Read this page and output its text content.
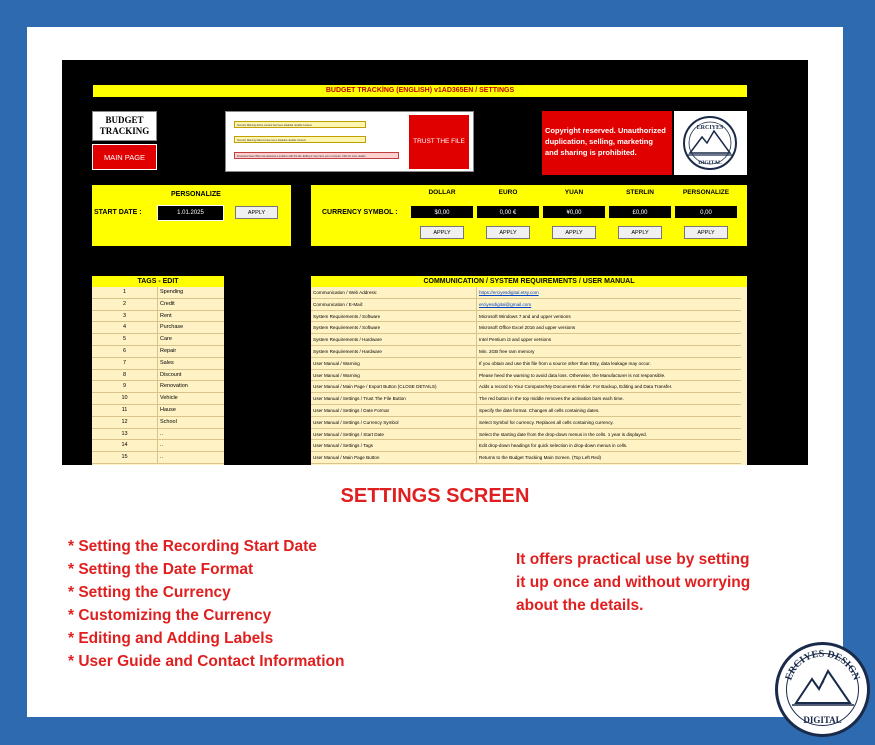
BUDGET TRACKİNG (ENGLISH) v1AD365EN / SETTINGS
BUDGET
TRACKING
MAIN PAGE
Security Warning Active content has been disabled. Enable Content
Security Warning Macros have been disabled. Enable Content
Protected View Office has detected a problem with this file. Editing it may harm your computer. Click for more details.
TRUST THE FILE
Copyright reserved. Unauthorized duplication, selling, marketing and sharing is prohibited.
ERCIYES
DIGITAL
PERSONALIZE
START DATE :	1.01.2025	APPLY	CURRENCY SYMBOL :
DOLLAR	EURO	YUAN	STERLIN	PERSONALIZE
$0,00	0,00 €	¥0,00	£0,00	0,00
APPLY	APPLY	APPLY	APPLY	APPLY
TAGS - EDIT
1	Spending
2	Credit
3	Rent
4	Purchase
5	Care
6	Repair
7	Sales
8	Discount
9	Renovation
10	Vehicle
11	Hause
12	School
13	..
14	..
15	..
COMMUNICATION / SYSTEM REQUIREMENTS / USER MANUAL
Communication / Web Address:	https://erciyesdigital.etsy.com
Communication / E-Mail:	erciyesdigital@gmail.com
System Requirements / Software	Microsoft Windows 7 and and upper versions
System Requirements / Software	Microsoft Office Excel 2016 and upper versions
System Requirements / Hardware	Intel Pentium i3 and upper versions
System Requirements / Hardware	Min. 2GB free ram memory
User Manual / Warning	If you obtain and use this file from a source other than Etsy, data leakage may occur.
User Manual / Warning	Please heed the warning to avoid data loss. Otherwise, the Manufacturer is not responsible.
User Manual / Main Page / Export Button (CLOSE DETAILS)	Adds a record to Your Computer/My Documents Folder. For Backup, Editing and Data Transfer.
User Manual / Settings / Trust The File Button	The red button in the top middle removes the activation bars each time.
User Manual / Settings / Date Format	Specify the date format. Changes all cells containing dates.
User Manual / Settings / Currency Symbol	Select Symbol for currency. Replaces all cells containing currency.
User Manual / Settings / Start Date	Select the starting date from the drop-down menus in the cells. 1 year is displayed.
User Manual / Settings / Tags	Edit drop-down headings for quick selection in drop-down menus in cells.
User Manual / Main Page Button	Returns to the Budget Tracking Main Screen. (Top Left Red)
SETTINGS SCREEN
* Setting the Recording Start Date
* Setting the Date Format
* Setting the Currency
* Customizing the Currency
* Editing and Adding Labels
* User Guide and Contact Information
It offers practical use by setting it up once and without worrying about the details.
ERCIYES DESIGN
DIGITAL
